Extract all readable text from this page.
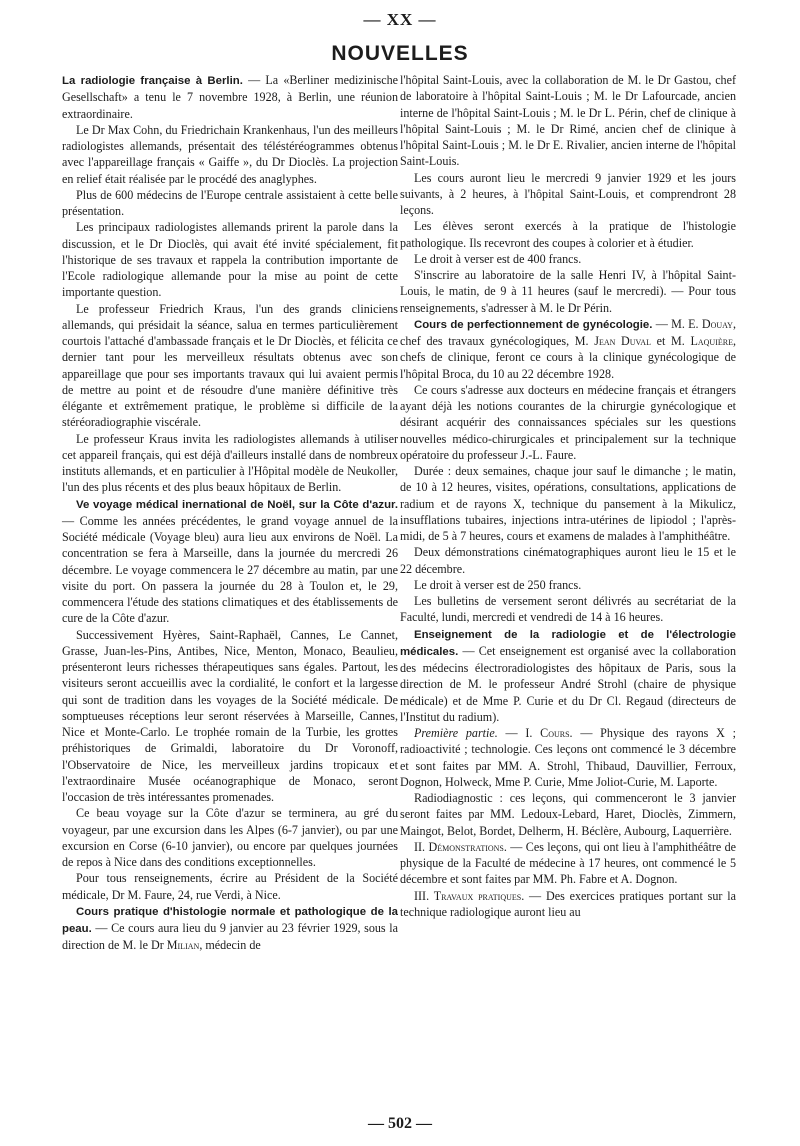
— XX —
NOUVELLES

La radiologie française à Berlin. — La «Berliner medizinische Gesellschaft» a tenu le 7 novembre 1928, à Berlin, une réunion extraordinaire.

Le Dr Max Cohn, du Friedrichain Krankenhaus, l'un des meilleurs radiologistes allemands, présentait des téléstéréogrammes obtenus avec l'appareillage français « Gaiffe », du Dr Dioclès. La projection en relief était réalisée par le procédé des anaglyphes.

Plus de 600 médecins de l'Europe centrale assistaient à cette belle présentation.

Les principaux radiologistes allemands prirent la parole dans la discussion, et le Dr Dioclès, qui avait été invité spécialement, fit l'historique de ses travaux et rappela la contribution importante de l'Ecole radiologique allemande pour la mise au point de cette importante question.

Le professeur Friedrich Kraus, l'un des grands cliniciens allemands, qui présidait la séance, salua en termes particulièrement courtois l'attaché d'ambassade français et le Dr Dioclès, et félicita ce dernier tant pour les merveilleux résultats obtenus avec son appareillage que pour ses importants travaux qui lui avaient permis de mettre au point et de résoudre d'une manière définitive très élégante et extrêmement pratique, le problème si difficile de la stéréoradiographie viscérale.

Le professeur Kraus invita les radiologistes allemands à utiliser cet appareil français, qui est déjà d'ailleurs installé dans de nombreux instituts allemands, et en particulier à l'Hôpital modèle de Neukoller, l'un des plus récents et des plus beaux hôpitaux de Berlin.

Ve voyage médical inernational de Noël, sur la Côte d'azur. — Comme les années précédentes, le grand voyage annuel de la Société médicale (Voyage bleu) aura lieu aux environs de Noël. La concentration se fera à Marseille, dans la journée du mercredi 26 décembre. Le voyage commencera le 27 décembre au matin, par une visite du port. On passera la journée du 28 à Toulon et, le 29, commencera l'étude des stations climatiques et des établissements de cure de la Côte d'azur.

Successivement Hyères, Saint-Raphaël, Cannes, Le Cannet, Grasse, Juan-les-Pins, Antibes, Nice, Menton, Monaco, Beaulieu, présenteront leurs richesses thérapeutiques sans égales. Partout, les visiteurs seront accueillis avec la cordialité, le confort et la largesse qui sont de tradition dans les voyages de la Société médicale. De somptueuses réceptions leur seront réservées à Marseille, Cannes, Nice et Monte-Carlo. Le trophée romain de la Turbie, les grottes préhistoriques de Grimaldi, laboratoire du Dr Voronoff, l'Observatoire de Nice, les merveilleux jardins tropicaux et l'extraordinaire Musée océanographique de Monaco, seront l'occasion de très intéressantes promenades.

Ce beau voyage sur la Côte d'azur se terminera, au gré du voyageur, par une excursion dans les Alpes (6-7 janvier), ou par une excursion en Corse (6-10 janvier), ou encore par quelques journées de repos à Nice dans des conditions exceptionnelles.

Pour tous renseignements, écrire au Président de la Société médicale, Dr M. Faure, 24, rue Verdi, à Nice.

Cours pratique d'histologie normale et pathologique de la peau. — Ce cours aura lieu du 9 janvier au 23 février 1929, sous la direction de M. le Dr Milian, médecin de

l'hôpital Saint-Louis, avec la collaboration de M. le Dr Gastou, chef de laboratoire à l'hôpital Saint-Louis ; M. le Dr Lafourcade, ancien interne de l'hôpital Saint-Louis ; M. le Dr L. Périn, chef de clinique à l'hôpital Saint-Louis ; M. le Dr Rimé, ancien chef de clinique à l'hôpital Saint-Louis ; M. le Dr E. Rivalier, ancien interne de l'hôpital Saint-Louis.

Les cours auront lieu le mercredi 9 janvier 1929 et les jours suivants, à 2 heures, à l'hôpital Saint-Louis, et comprendront 28 leçons.

Les élèves seront exercés à la pratique de l'histologie pathologique. Ils recevront des coupes à colorier et à étudier.

Le droit à verser est de 400 francs.

S'inscrire au laboratoire de la salle Henri IV, à l'hôpital Saint-Louis, le matin, de 9 à 11 heures (sauf le mercredi). — Pour tous renseignements, s'adresser à M. le Dr Périn.

Cours de perfectionnement de gynécologie. — M. E. Douay, chef des travaux gynécologiques, M. Jean Duval et M. Laquière, chefs de clinique, feront ce cours à la clinique gynécologique de l'hôpital Broca, du 10 au 22 décembre 1928.

Ce cours s'adresse aux docteurs en médecine français et étrangers ayant déjà les notions courantes de la chirurgie gynécologique et désirant acquérir des connaissances spéciales sur les questions nouvelles médico-chirurgicales et principalement sur la technique opératoire du professeur J.-L. Faure.

Durée : deux semaines, chaque jour sauf le dimanche ; le matin, de 10 à 12 heures, visites, opérations, consultations, applications de radium et de rayons X, technique du pansement à la Mikulicz, insufflations tubaires, injections intra-utérines de lipiodol ; l'après-midi, de 5 à 7 heures, cours et examens de malades à l'amphithéâtre.

Deux démonstrations cinématographiques auront lieu le 15 et le 22 décembre.

Le droit à verser est de 250 francs.

Les bulletins de versement seront délivrés au secrétariat de la Faculté, lundi, mercredi et vendredi de 14 à 16 heures.

Enseignement de la radiologie et de l'électrologie médicales. — Cet enseignement est organisé avec la collaboration des médecins électroradiologistes des hôpitaux de Paris, sous la direction de M. le professeur André Strohl (chaire de physique médicale) et de Mme P. Curie et du Dr Cl. Regaud (directeurs de l'Institut du radium).

Première partie. — I. Cours. — Physique des rayons X ; radioactivité ; technologie. Ces leçons ont commencé le 3 décembre et sont faites par MM. A. Strohl, Thibaud, Dauvillier, Ferroux, Dognon, Holweck, Mme P. Curie, Mme Joliot-Curie, M. Laporte.

Radiodiagnostic : ces leçons, qui commenceront le 3 janvier seront faites par MM. Ledoux-Lebard, Haret, Dioclès, Zimmern, Maingot, Belot, Bordet, Delherm, H. Béclère, Aubourg, Laquerrière.

II. Démonstrations. — Ces leçons, qui ont lieu à l'amphithéâtre de physique de la Faculté de médecine à 17 heures, ont commencé le 5 décembre et sont faites par MM. Ph. Fabre et A. Dognon.

III. Travaux pratiques. — Des exercices pratiques portant sur la technique radiologique auront lieu au

— 502 —
